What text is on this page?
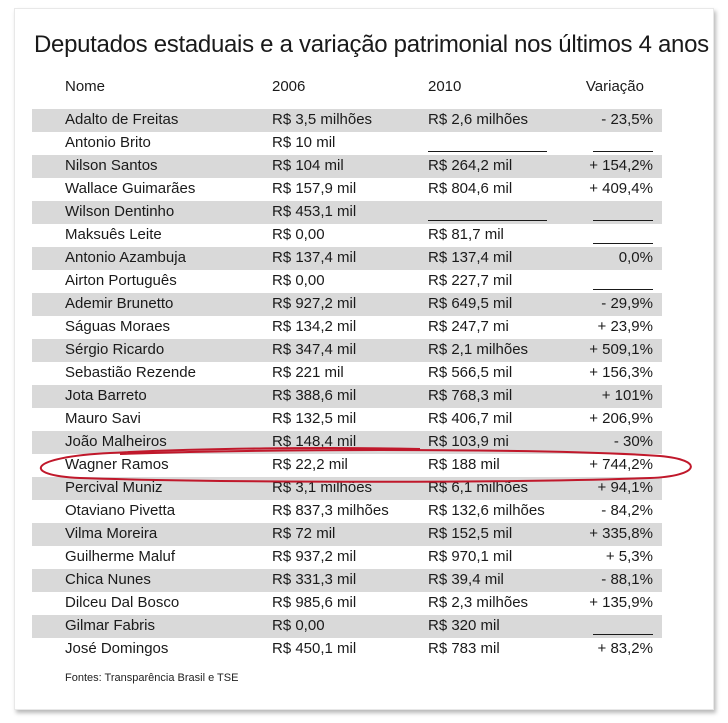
Deputados estaduais e a variação patrimonial nos últimos 4 anos
Nome	2006	2010	Variação
Adalto de Freitas	R$ 3,5 milhões	R$ 2,6 milhões	- 23,5%
Antonio Brito	R$ 10 mil
Nilson Santos	R$ 104 mil	R$ 264,2 mil	+ 154,2%
Wallace Guimarães	R$ 157,9 mil	R$ 804,6 mil	+ 409,4%
Wilson Dentinho	R$ 453,1 mil
Maksuês Leite	R$ 0,00	R$ 81,7 mil
Antonio Azambuja	R$ 137,4 mil	R$ 137,4 mil	0,0%
Airton Português	R$ 0,00	R$ 227,7 mil
Ademir Brunetto	R$ 927,2 mil	R$ 649,5 mil	- 29,9%
Ságuas Moraes	R$ 134,2 mil	R$ 247,7 mi	+ 23,9%
Sérgio Ricardo	R$ 347,4 mil	R$ 2,1 milhões	+ 509,1%
Sebastião Rezende	R$ 221 mil	R$ 566,5 mil	+ 156,3%
Jota Barreto	R$ 388,6 mil	R$ 768,3 mil	+ 101%
Mauro Savi	R$ 132,5 mil	R$ 406,7 mil	+ 206,9%
João Malheiros	R$ 148,4 mil	R$ 103,9 mi	- 30%
Wagner Ramos	R$ 22,2 mil	R$ 188 mil	+ 744,2%
Percival Muniz	R$ 3,1 milhões	R$ 6,1 milhões	+ 94,1%
Otaviano Pivetta	R$ 837,3 milhões	R$ 132,6 milhões	- 84,2%
Vilma Moreira	R$ 72 mil	R$ 152,5 mil	+ 335,8%
Guilherme Maluf	R$ 937,2 mil	R$ 970,1 mil	+ 5,3%
Chica Nunes	R$ 331,3 mil	R$ 39,4 mil	- 88,1%
Dilceu Dal Bosco	R$ 985,6 mil	R$ 2,3 milhões	+ 135,9%
Gilmar Fabris	R$ 0,00	R$ 320 mil
José Domingos	R$ 450,1 mil	R$ 783 mil	+ 83,2%
Fontes: Transparência Brasil e TSE
